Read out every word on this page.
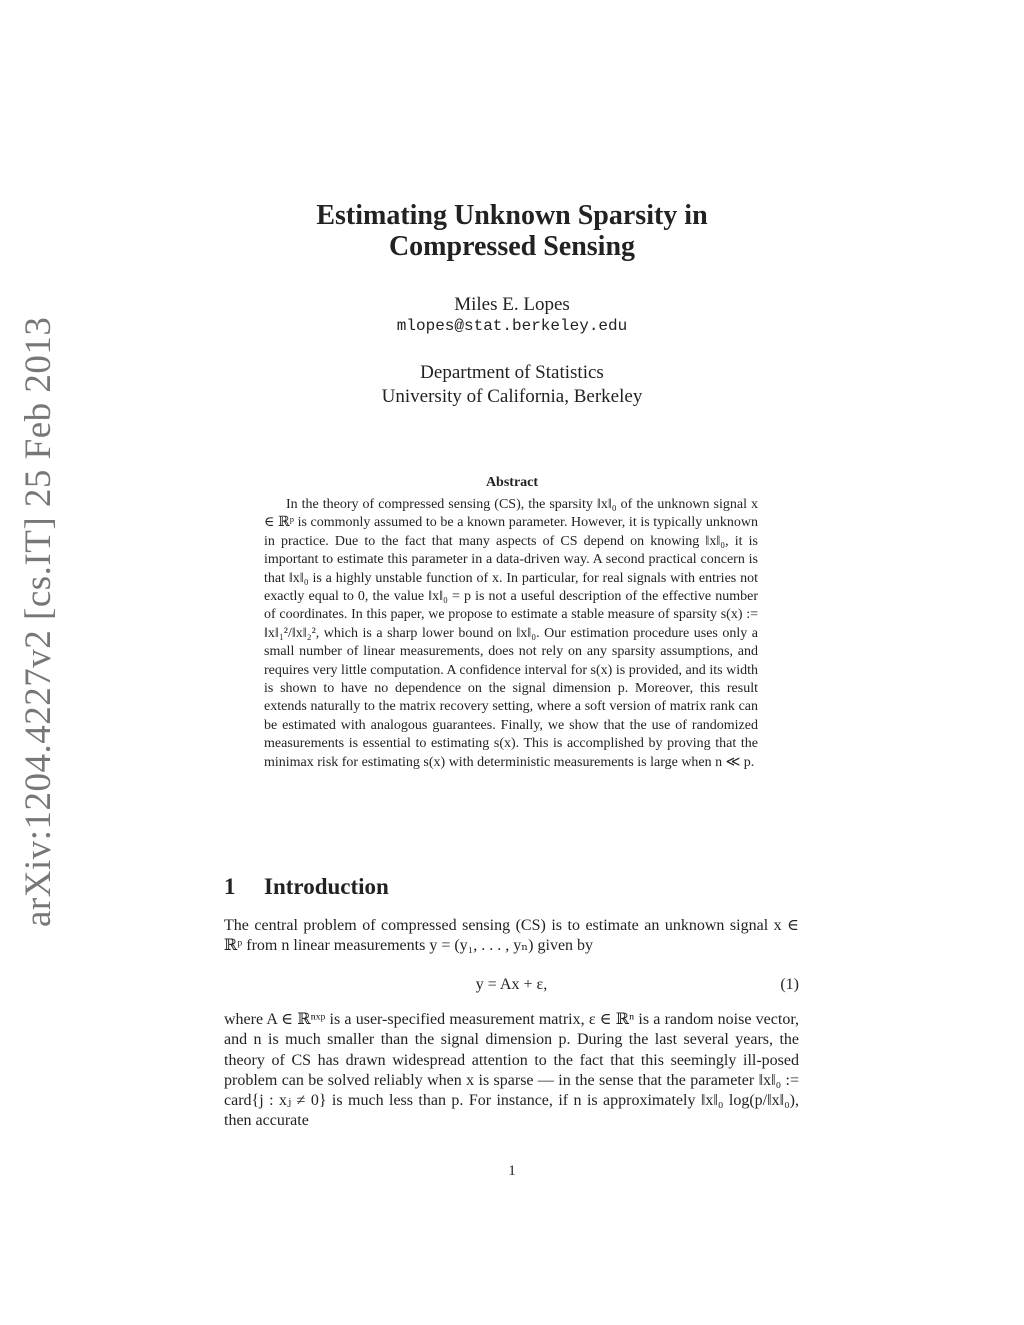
arXiv:1204.4227v2 [cs.IT] 25 Feb 2013
Estimating Unknown Sparsity in
Compressed Sensing
Miles E. Lopes
mlopes@stat.berkeley.edu
Department of Statistics
University of California, Berkeley
Abstract
In the theory of compressed sensing (CS), the sparsity ‖x‖₀ of the unknown signal x ∈ ℝᵖ is commonly assumed to be a known parameter. However, it is typically unknown in practice. Due to the fact that many aspects of CS depend on knowing ‖x‖₀, it is important to estimate this parameter in a data-driven way. A second practical concern is that ‖x‖₀ is a highly unstable function of x. In particular, for real signals with entries not exactly equal to 0, the value ‖x‖₀ = p is not a useful description of the effective number of coordinates. In this paper, we propose to estimate a stable measure of sparsity s(x) := ‖x‖₁²/‖x‖₂², which is a sharp lower bound on ‖x‖₀. Our estimation procedure uses only a small number of linear measurements, does not rely on any sparsity assumptions, and requires very little computation. A confidence interval for s(x) is provided, and its width is shown to have no dependence on the signal dimension p. Moreover, this result extends naturally to the matrix recovery setting, where a soft version of matrix rank can be estimated with analogous guarantees. Finally, we show that the use of randomized measurements is essential to estimating s(x). This is accomplished by proving that the minimax risk for estimating s(x) with deterministic measurements is large when n ≪ p.
1 Introduction
The central problem of compressed sensing (CS) is to estimate an unknown signal x ∈ ℝᵖ from n linear measurements y = (y₁, . . . , yₙ) given by
y = Ax + ε,	(1)
where A ∈ ℝⁿˣᵖ is a user-specified measurement matrix, ε ∈ ℝⁿ is a random noise vector, and n is much smaller than the signal dimension p. During the last several years, the theory of CS has drawn widespread attention to the fact that this seemingly ill-posed problem can be solved reliably when x is sparse — in the sense that the parameter ‖x‖₀ := card{j : xⱼ ≠ 0} is much less than p. For instance, if n is approximately ‖x‖₀ log(p/‖x‖₀), then accurate
1
